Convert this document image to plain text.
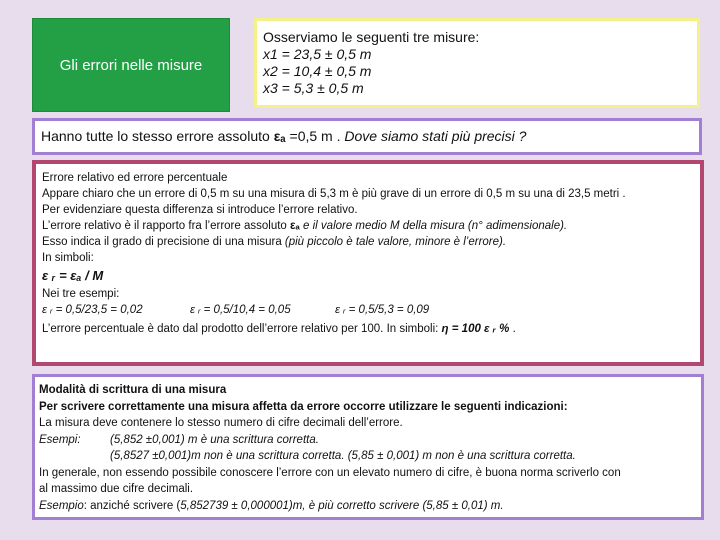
Gli errori nelle misure
Osserviamo le seguenti tre misure:
x1 = 23,5 ± 0,5 m
x2 = 10,4 ± 0,5 m
x3 = 5,3 ± 0,5 m
Hanno tutte lo stesso errore assoluto εₐ =0,5 m . Dove siamo stati più precisi ?
Errore relativo ed errore percentuale
Appare chiaro che un errore di 0,5 m su una misura di 5,3 m è più grave di un errore di 0,5 m su una di 23,5 metri .
Per evidenziare questa differenza si introduce l’errore relativo.
L’errore relativo è il rapporto fra l’errore assoluto εₐ e il valore medio M della misura (n° adimensionale).
Esso indica il grado di precisione di una misura (più piccolo è tale valore, minore è l’errore).
In simboli:
ε ᵣ = εₐ / M
Nei tre esempi:
ε ᵣ = 0,5/23,5 = 0,02	ε ᵣ = 0,5/10,4 = 0,05	ε ᵣ = 0,5/5,3 = 0,09
L’errore percentuale è dato dal prodotto dell’errore relativo per 100. In simboli: η = 100 ε ᵣ % .
Modalità di scrittura di una misura
Per scrivere correttamente una misura affetta da errore occorre utilizzare le seguenti indicazioni:
La misura deve contenere lo stesso numero di cifre decimali dell’errore.
Esempi:	(5,852 ±0,001) m è una scrittura corretta.
(5,8527 ±0,001)m non è una scrittura corretta. (5,85 ± 0,001) m non è una scrittura corretta.
In generale, non essendo possibile conoscere l’errore con un elevato numero di cifre, è buona norma scriverlo con
al massimo due cifre decimali.
Esempio: anziché scrivere (5,852739 ± 0,000001)m, è più corretto scrivere (5,85 ± 0,01) m.
